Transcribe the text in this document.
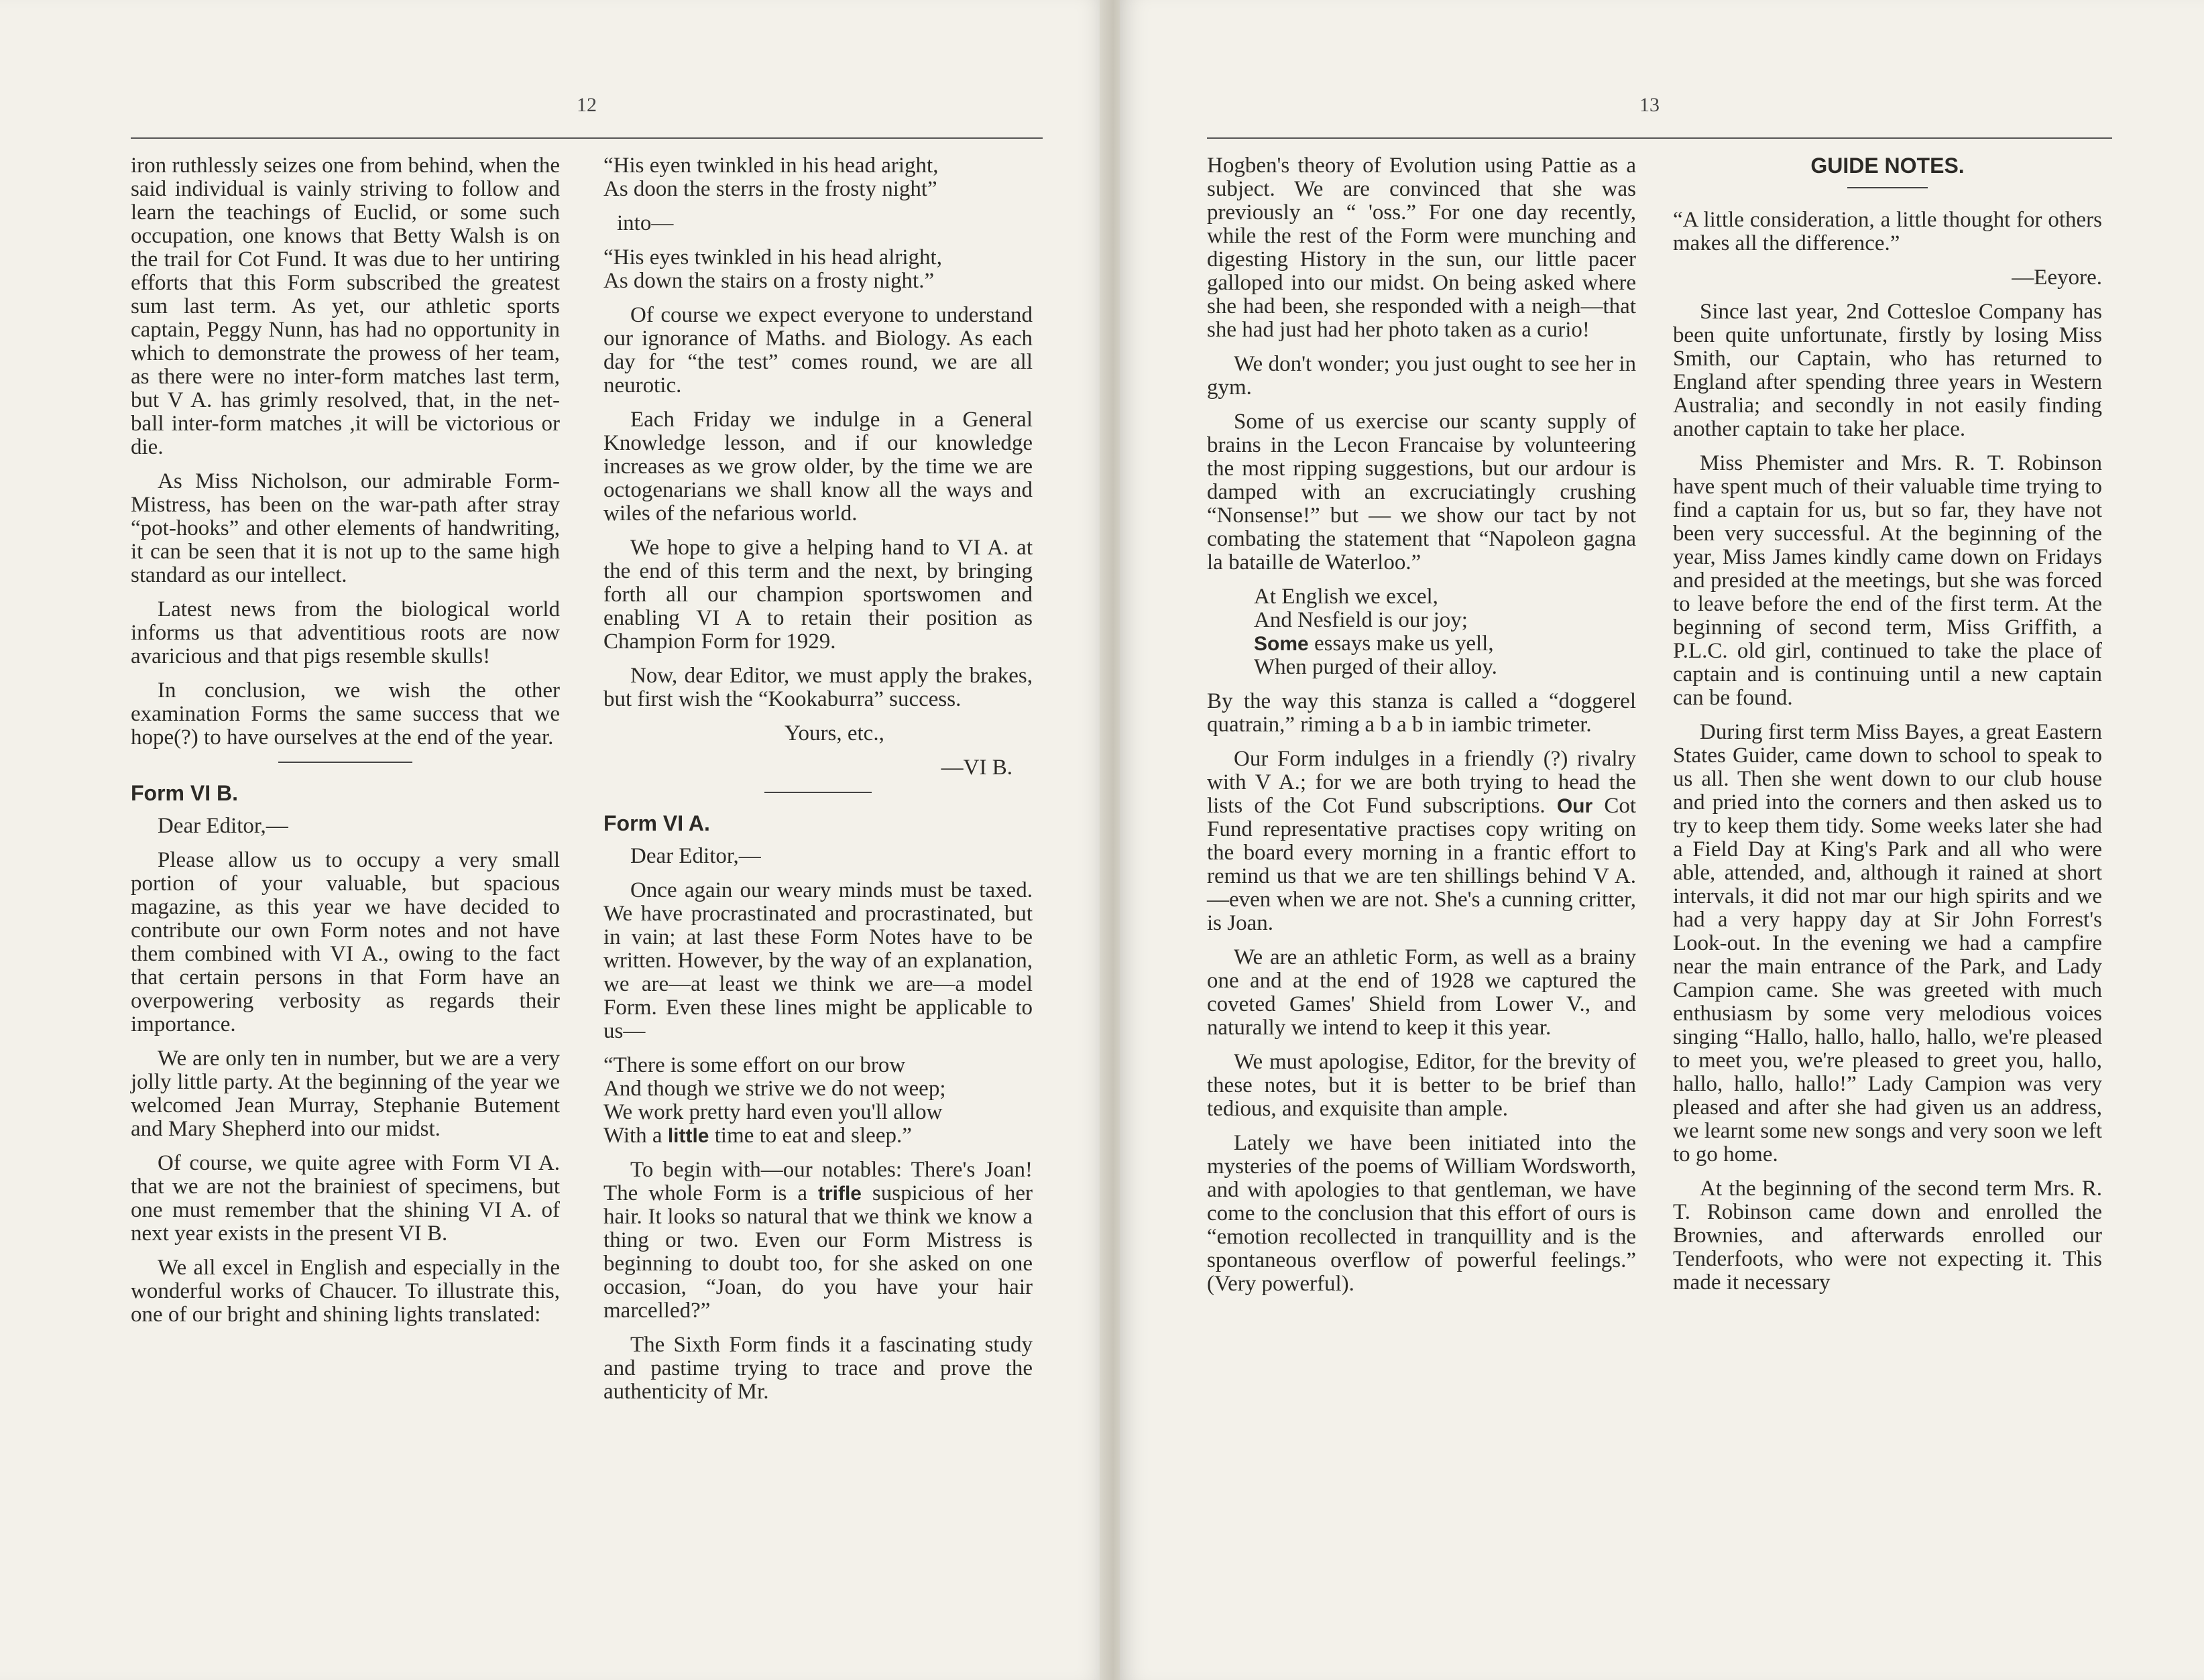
12

iron ruthlessly seizes one from behind, when the said individual is vainly striving to follow and learn the teachings of Euclid, or some such occupation, one knows that Betty Walsh is on the trail for Cot Fund. It was due to her untiring efforts that this Form subscribed the greatest sum last term. As yet, our athletic sports captain, Peggy Nunn, has had no opportunity in which to demonstrate the prowess of her team, as there were no inter-form matches last term, but V A. has grimly resolved, that, in the net-ball inter-form matches ,it will be victorious or die.

As Miss Nicholson, our admirable Form-Mistress, has been on the war-path after stray “pot-hooks” and other elements of handwriting, it can be seen that it is not up to the same high standard as our intellect.

Latest news from the biological world informs us that adventitious roots are now avaricious and that pigs resemble skulls!

In conclusion, we wish the other examination Forms the same success that we hope(?) to have ourselves at the end of the year.

Form VI B.

Dear Editor,—

Please allow us to occupy a very small portion of your valuable, but spacious magazine, as this year we have decided to contribute our own Form notes and not have them combined with VI A., owing to the fact that certain persons in that Form have an overpowering verbosity as regards their importance.

We are only ten in number, but we are a very jolly little party. At the beginning of the year we welcomed Jean Murray, Stephanie Butement and Mary Shepherd into our midst.

Of course, we quite agree with Form VI A. that we are not the brainiest of specimens, but one must remember that the shining VI A. of next year exists in the present VI B.

We all excel in English and especially in the wonderful works of Chaucer. To illustrate this, one of our bright and shining lights translated:

“His eyen twinkled in his head aright,
As doon the sterrs in the frosty night”
into—
“His eyes twinkled in his head alright,
As down the stairs on a frosty night.”

Of course we expect everyone to understand our ignorance of Maths. and Biology. As each day for “the test” comes round, we are all neurotic.

Each Friday we indulge in a General Knowledge lesson, and if our knowledge increases as we grow older, by the time we are octogenarians we shall know all the ways and wiles of the nefarious world.

We hope to give a helping hand to VI A. at the end of this term and the next, by bringing forth all our champion sportswomen and enabling VI A to retain their position as Champion Form for 1929.

Now, dear Editor, we must apply the brakes, but first wish the “Kookaburra” success.

Yours, etc.,

—VI B.

Form VI A.

Dear Editor,—

Once again our weary minds must be taxed. We have procrastinated and procrastinated, but in vain; at last these Form Notes have to be written. However, by the way of an explanation, we are—at least we think we are—a model Form. Even these lines might be applicable to us—

“There is some effort on our brow
And though we strive we do not weep;
We work pretty hard even you'll allow
With a little time to eat and sleep.”

To begin with—our notables: There's Joan! The whole Form is a trifle suspicious of her hair. It looks so natural that we think we know a thing or two. Even our Form Mistress is beginning to doubt too, for she asked on one occasion, “Joan, do you have your hair marcelled?”

The Sixth Form finds it a fascinating study and pastime trying to trace and prove the authenticity of Mr.

13

Hogben's theory of Evolution using Pattie as a subject. We are convinced that she was previously an “ 'oss.” For one day recently, while the rest of the Form were munching and digesting History in the sun, our little pacer galloped into our midst. On being asked where she had been, she responded with a neigh—that she had just had her photo taken as a curio!

We don't wonder; you just ought to see her in gym.

Some of us exercise our scanty supply of brains in the Lecon Francaise by volunteering the most ripping suggestions, but our ardour is damped with an excruciatingly crushing “Nonsense!” but — we show our tact by not combating the statement that “Napoleon gagna la bataille de Waterloo.”

At English we excel,
And Nesfield is our joy;
Some essays make us yell,
When purged of their alloy.

By the way this stanza is called a “doggerel quatrain,” riming a b a b in iambic trimeter.

Our Form indulges in a friendly (?) rivalry with V A.; for we are both trying to head the lists of the Cot Fund subscriptions. Our Cot Fund representative practises copy writing on the board every morning in a frantic effort to remind us that we are ten shillings behind V A.—even when we are not. She's a cunning critter, is Joan.

We are an athletic Form, as well as a brainy one and at the end of 1928 we captured the coveted Games' Shield from Lower V., and naturally we intend to keep it this year.

We must apologise, Editor, for the brevity of these notes, but it is better to be brief than tedious, and exquisite than ample.

Lately we have been initiated into the mysteries of the poems of William Wordsworth, and with apologies to that gentleman, we have come to the conclusion that this effort of ours is “emotion recollected in tranquillity and is the spontaneous overflow of powerful feelings.” (Very powerful).

GUIDE NOTES.

“A little consideration, a little thought for others makes all the difference.”

—Eeyore.

Since last year, 2nd Cottesloe Company has been quite unfortunate, firstly by losing Miss Smith, our Captain, who has returned to England after spending three years in Western Australia; and secondly in not easily finding another captain to take her place.

Miss Phemister and Mrs. R. T. Robinson have spent much of their valuable time trying to find a captain for us, but so far, they have not been very successful. At the beginning of the year, Miss James kindly came down on Fridays and presided at the meetings, but she was forced to leave before the end of the first term. At the beginning of second term, Miss Griffith, a P.L.C. old girl, continued to take the place of captain and is continuing until a new captain can be found.

During first term Miss Bayes, a great Eastern States Guider, came down to school to speak to us all. Then she went down to our club house and pried into the corners and then asked us to try to keep them tidy. Some weeks later she had a Field Day at King's Park and all who were able, attended, and, although it rained at short intervals, it did not mar our high spirits and we had a very happy day at Sir John Forrest's Look-out. In the evening we had a campfire near the main entrance of the Park, and Lady Campion came. She was greeted with much enthusiasm by some very melodious voices singing “Hallo, hallo, hallo, hallo, we're pleased to meet you, we're pleased to greet you, hallo, hallo, hallo, hallo!” Lady Campion was very pleased and after she had given us an address, we learnt some new songs and very soon we left to go home.

At the beginning of the second term Mrs. R. T. Robinson came down and enrolled the Brownies, and afterwards enrolled our Tenderfoots, who were not expecting it. This made it necessary
